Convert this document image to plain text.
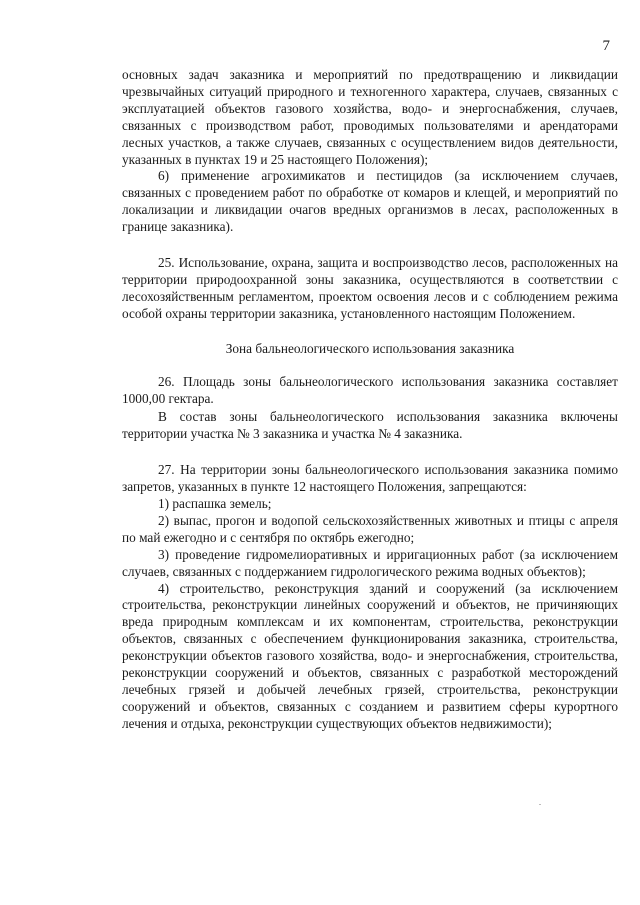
7

основных задач заказника и мероприятий по предотвращению и ликвидации чрезвычайных ситуаций природного и техногенного характера, случаев, связанных с эксплуатацией объектов газового хозяйства, водо- и энергоснабжения, случаев, связанных с производством работ, проводимых пользователями и арендаторами лесных участков, а также случаев, связанных с осуществлением видов деятельности, указанных в пунктах 19 и 25 настоящего Положения);

6) применение агрохимикатов и пестицидов (за исключением случаев, связанных с проведением работ по обработке от комаров и клещей, и мероприятий по локализации и ликвидации очагов вредных организмов в лесах, расположенных в границе заказника).

25. Использование, охрана, защита и воспроизводство лесов, расположенных на территории природоохранной зоны заказника, осуществляются в соответствии с лесохозяйственным регламентом, проектом освоения лесов и с соблюдением режима особой охраны территории заказника, установленного настоящим Положением.

Зона бальнеологического использования заказника

26. Площадь зоны бальнеологического использования заказника составляет 1000,00 гектара.

В состав зоны бальнеологического использования заказника включены территории участка № 3 заказника и участка № 4 заказника.

27. На территории зоны бальнеологического использования заказника помимо запретов, указанных в пункте 12 настоящего Положения, запрещаются:

1) распашка земель;

2) выпас, прогон и водопой сельскохозяйственных животных и птицы с апреля по май ежегодно и с сентября по октябрь ежегодно;

3) проведение гидромелиоративных и ирригационных работ (за исключением случаев, связанных с поддержанием гидрологического режима водных объектов);

4) строительство, реконструкция зданий и сооружений (за исключением строительства, реконструкции линейных сооружений и объектов, не причиняющих вреда природным комплексам и их компонентам, строительства, реконструкции объектов, связанных с обеспечением функционирования заказника, строительства, реконструкции объектов газового хозяйства, водо- и энергоснабжения, строительства, реконструкции сооружений и объектов, связанных с разработкой месторождений лечебных грязей и добычей лечебных грязей, строительства, реконструкции сооружений и объектов, связанных с созданием и развитием сферы курортного лечения и отдыха, реконструкции существующих объектов недвижимости);
